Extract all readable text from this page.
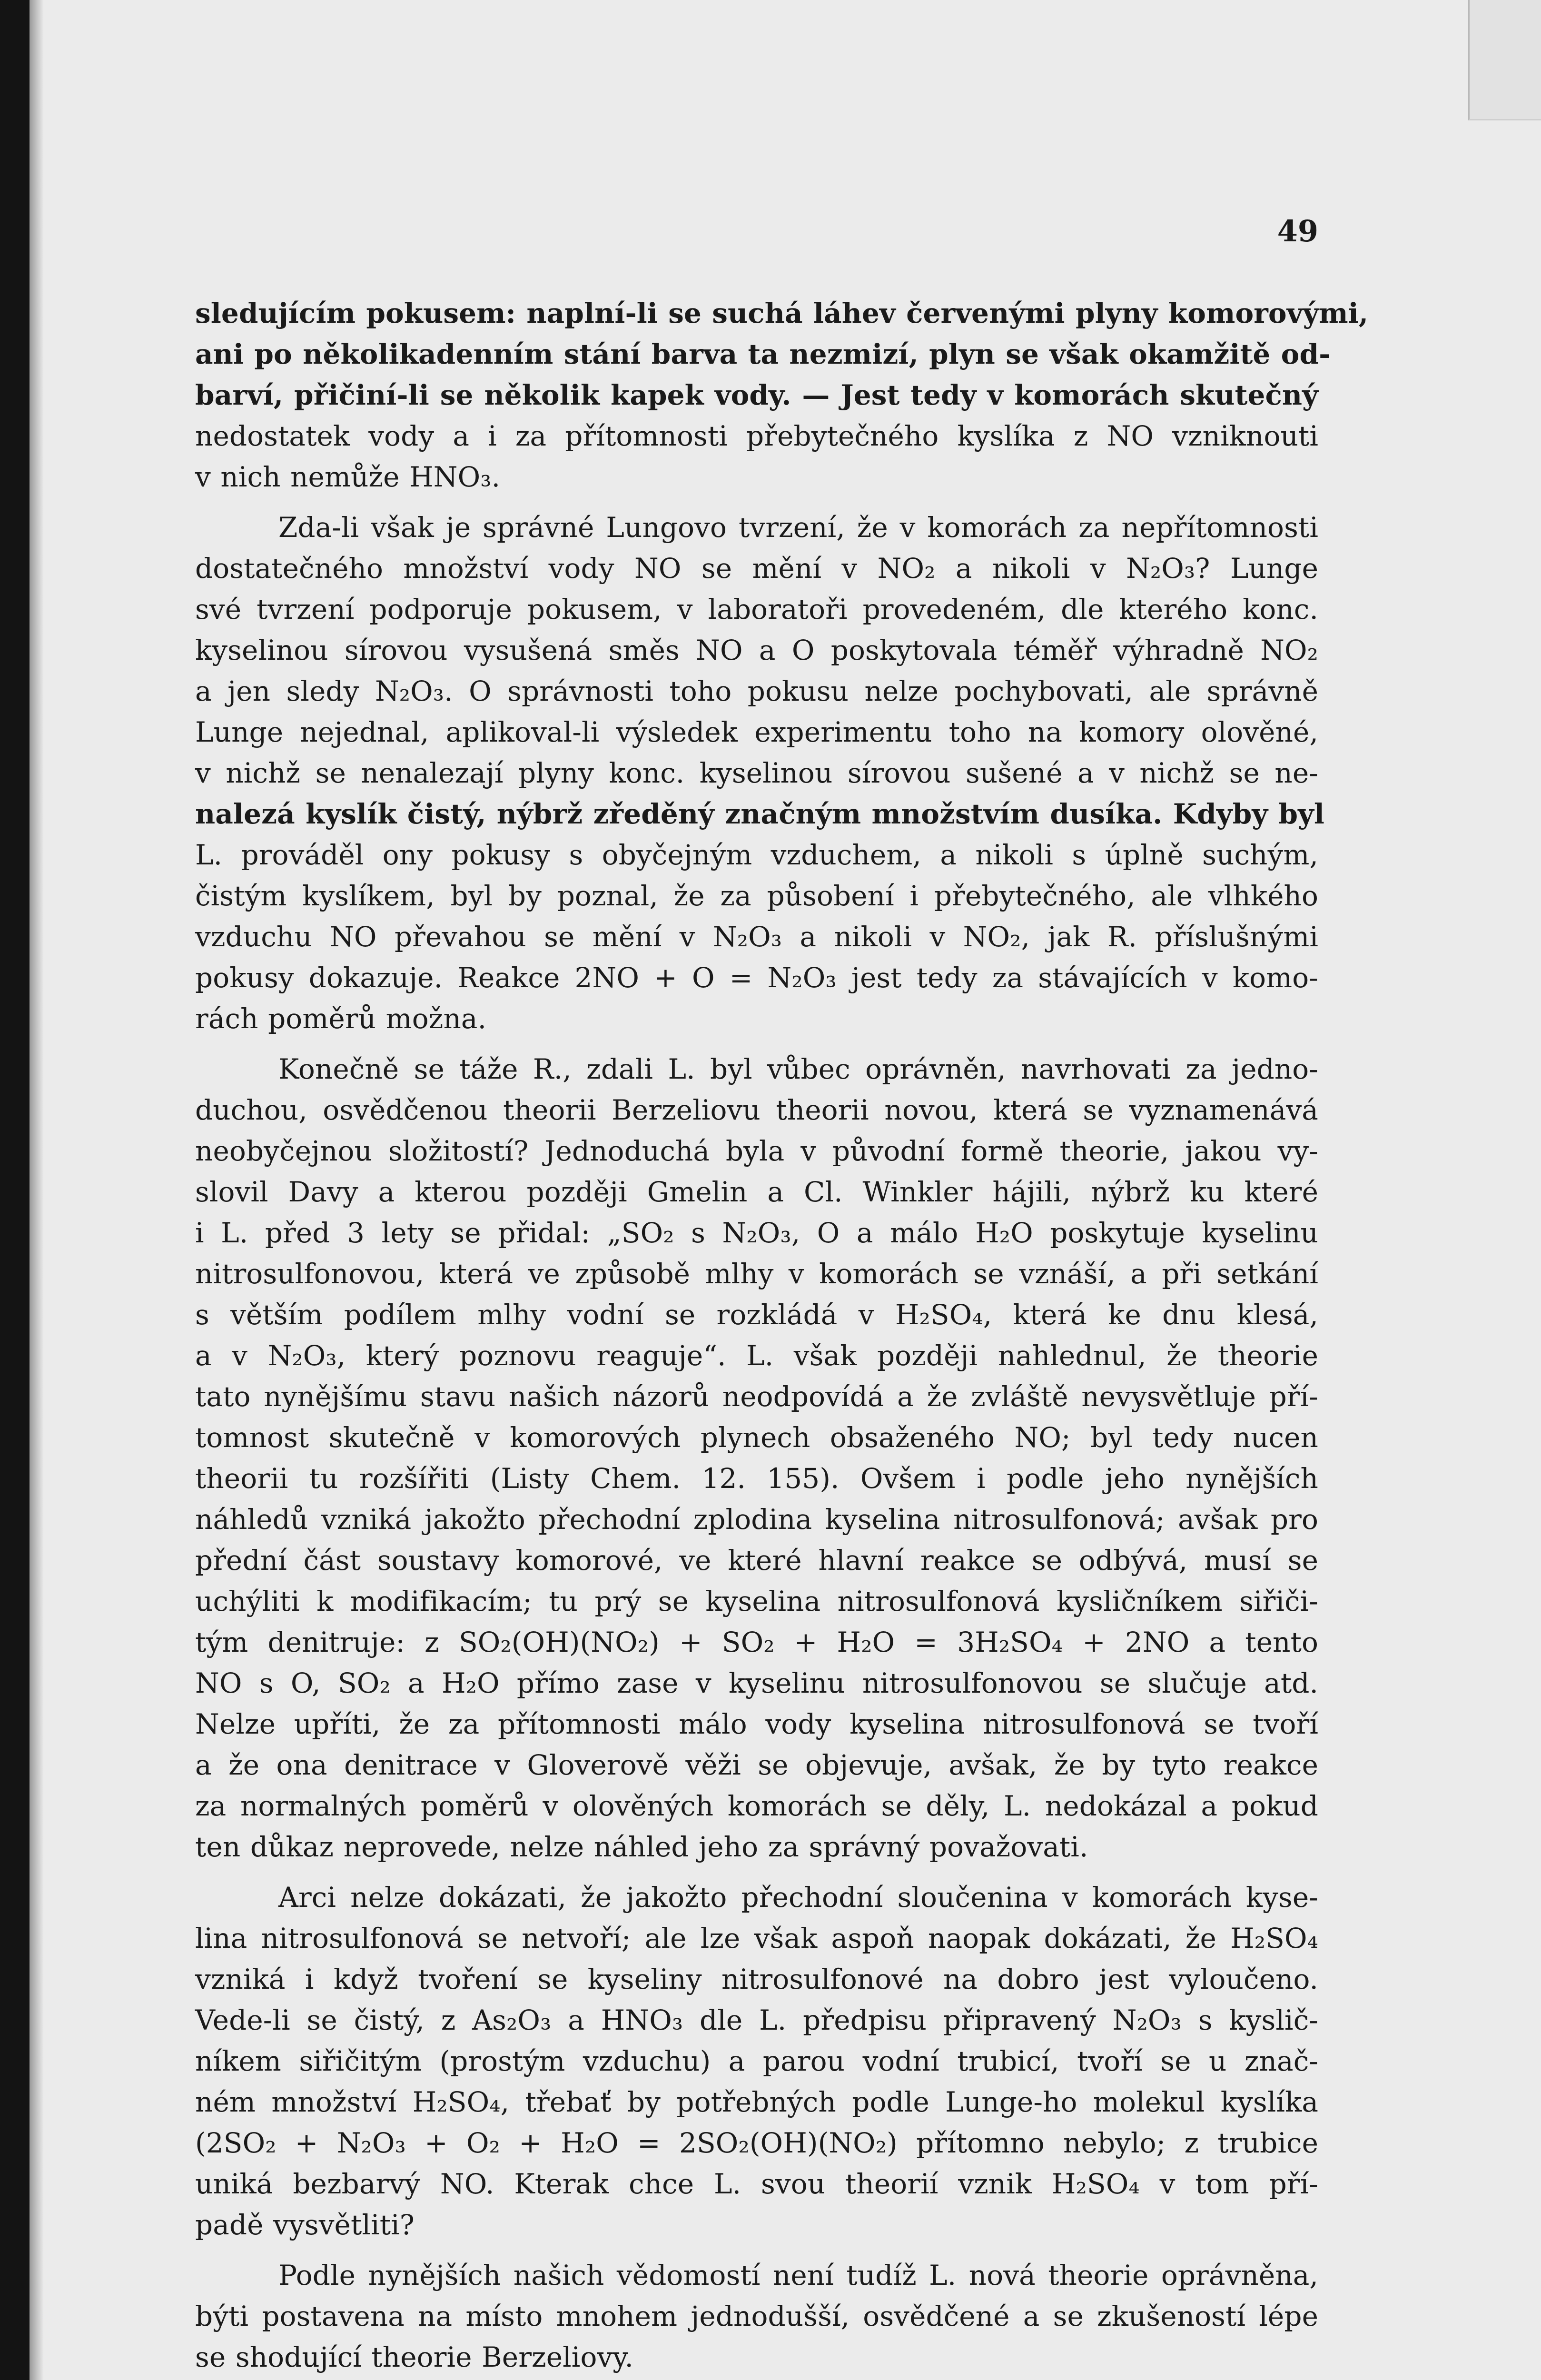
49
sledujícím pokusem: naplní-li se suchá láhev červenými plyny komorovými,
ani po několikadenním stání barva ta nezmizí, plyn se však okamžitě od-
barví, přičiní-li se několik kapek vody. — Jest tedy v komorách skutečný
nedostatek vody a i za přítomnosti přebytečného kyslíka z NO vzniknouti
v nich nemůže HNO₃.
Zda-li však je správné Lungovo tvrzení, že v komorách za nepřítomnosti
dostatečného množství vody NO se mění v NO₂ a nikoli v N₂O₃? Lunge
své tvrzení podporuje pokusem, v laboratoři provedeném, dle kterého konc.
kyselinou sírovou vysušená směs NO a O poskytovala téměř výhradně NO₂
a jen sledy N₂O₃. O správnosti toho pokusu nelze pochybovati, ale správně
Lunge nejednal, aplikoval-li výsledek experimentu toho na komory olověné,
v nichž se nenalezají plyny konc. kyselinou sírovou sušené a v nichž se ne-
nalezá kyslík čistý, nýbrž zředěný značným množstvím dusíka. Kdyby byl
L. prováděl ony pokusy s obyčejným vzduchem, a nikoli s úplně suchým,
čistým kyslíkem, byl by poznal, že za působení i přebytečného, ale vlhkého
vzduchu NO převahou se mění v N₂O₃ a nikoli v NO₂, jak R. příslušnými
pokusy dokazuje. Reakce 2NO + O = N₂O₃ jest tedy za stávajících v komo-
rách poměrů možna.
Konečně se táže R., zdali L. byl vůbec oprávněn, navrhovati za jedno-
duchou, osvědčenou theorii Berzeliovu theorii novou, která se vyznamenává
neobyčejnou složitostí? Jednoduchá byla v původní formě theorie, jakou vy-
slovil Davy a kterou později Gmelin a Cl. Winkler hájili, nýbrž ku které
i L. před 3 lety se přidal: „SO₂ s N₂O₃, O a málo H₂O poskytuje kyselinu
nitrosulfonovou, která ve způsobě mlhy v komorách se vznáší, a při setkání
s větším podílem mlhy vodní se rozkládá v H₂SO₄, která ke dnu klesá,
a v N₂O₃, který poznovu reaguje“. L. však později nahlednul, že theorie
tato nynějšímu stavu našich názorů neodpovídá a že zvláště nevysvětluje pří-
tomnost skutečně v komorových plynech obsaženého NO; byl tedy nucen
theorii tu rozšířiti (Listy Chem. 12. 155). Ovšem i podle jeho nynějších
náhledů vzniká jakožto přechodní zplodina kyselina nitrosulfonová; avšak pro
přední část soustavy komorové, ve které hlavní reakce se odbývá, musí se
uchýliti k modifikacím; tu prý se kyselina nitrosulfonová kysličníkem siřiči-
tým denitruje: z SO₂(OH)(NO₂) + SO₂ + H₂O = 3H₂SO₄ + 2NO a tento
NO s O, SO₂ a H₂O přímo zase v kyselinu nitrosulfonovou se slučuje atd.
Nelze upříti, že za přítomnosti málo vody kyselina nitrosulfonová se tvoří
a že ona denitrace v Gloverově věži se objevuje, avšak, že by tyto reakce
za normalných poměrů v olověných komorách se děly, L. nedokázal a pokud
ten důkaz neprovede, nelze náhled jeho za správný považovati.
Arci nelze dokázati, že jakožto přechodní sloučenina v komorách kyse-
lina nitrosulfonová se netvoří; ale lze však aspoň naopak dokázati, že H₂SO₄
vzniká i když tvoření se kyseliny nitrosulfonové na dobro jest vyloučeno.
Vede-li se čistý, z As₂O₃ a HNO₃ dle L. předpisu připravený N₂O₃ s kyslič-
níkem siřičitým (prostým vzduchu) a parou vodní trubicí, tvoří se u znač-
ném množství H₂SO₄, třebať by potřebných podle Lunge-ho molekul kyslíka
(2SO₂ + N₂O₃ + O₂ + H₂O = 2SO₂(OH)(NO₂) přítomno nebylo; z trubice
uniká bezbarvý NO. Kterak chce L. svou theorií vznik H₂SO₄ v tom pří-
padě vysvětliti?
Podle nynějších našich vědomostí není tudíž L. nová theorie oprávněna,
býti postavena na místo mnohem jednodušší, osvědčené a se zkušeností lépe
se shodující theorie Berzeliovy.
